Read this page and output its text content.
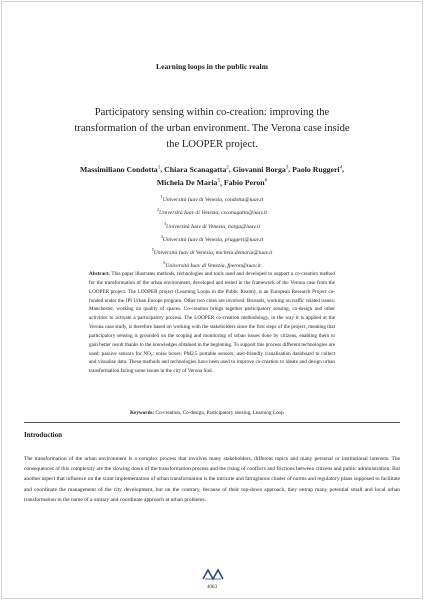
Learning loops in the public realm
Participatory sensing within co-creation: improving the transformation of the urban environment. The Verona case inside the LOOPER project.
Massimiliano Condotta$^1$, Chiara Scanagatta$^2$, Giovanni Borga$^3$, Paolo Ruggeri$^4$, Michela De Maria$^5$, Fabio Peron$^6$
$^1$Università Iuav di Venezia, condotta@iuav.it
$^2$Università Iuav di Venezia, cscanagatta@iuav.it
$^3$Università Iuav di Venezia, borga@iuav.it
$^4$Università Iuav di Venezia, pruggeri@iuav.it
$^5$Università Iuav di Venezia, michela.demaria@iuav.it
$^6$Università Iuav di Venezia, fperon@iuav.it
Abstract: This paper illustrates methods, technologies and tools used and developed to support a co-creation method for the transformation of the urban environment, developed and tested in the framework of the Verona case from the LOOPER project. The LOOPER project (Learning Loops in the Public Realm), is an European Research Project co-funded under the JPI Urban Europe program. Other two cities are involved: Brussels, working on traffic related issues; Manchester, working on quality of spaces. Co-creation brings together participatory sensing, co-design and other activities to activate a participatory process. The LOOPER co-creation methodology, in the way it is applied at the Verona case study, is therefore based on working with the stakeholders since the first steps of the project, meaning that participatory sensing is grounded on the scoping and monitoring of urban issues done by citizens, enabling them to gain better result thanks to the knowledges obtained in the beginning. To support this process different technologies are used: passive sensors for NO₂; noise boxes; PM2.5 portable sensors; user-friendly visualisation dashboard to collect and visualise data. These methods and technologies have been used to improve co-creation to ideate and design urban transformation facing some issues in the city of Verona Sud.
Keywords: Co-creation, Co-design, Participatory sensing, Learning Loop
Introduction
The transformation of the urban environment is a complex process that involves many stakeholders, different topics and many personal or institutional interests. The consequences of this complexity are the slowing down of the transformation process and the rising of conflicts and frictions between citizens and public administration. But another aspect that influence on the scant implementation of urban transformation is the intricate and farraginous cluster of norms and regulatory plans supposed to facilitate and coordinate the management of the city development, but on the contrary, because of their top-down approach, they entrap many potential small and local urban transformation in the name of a unitary and coordinate approach at urban problems.
4083
